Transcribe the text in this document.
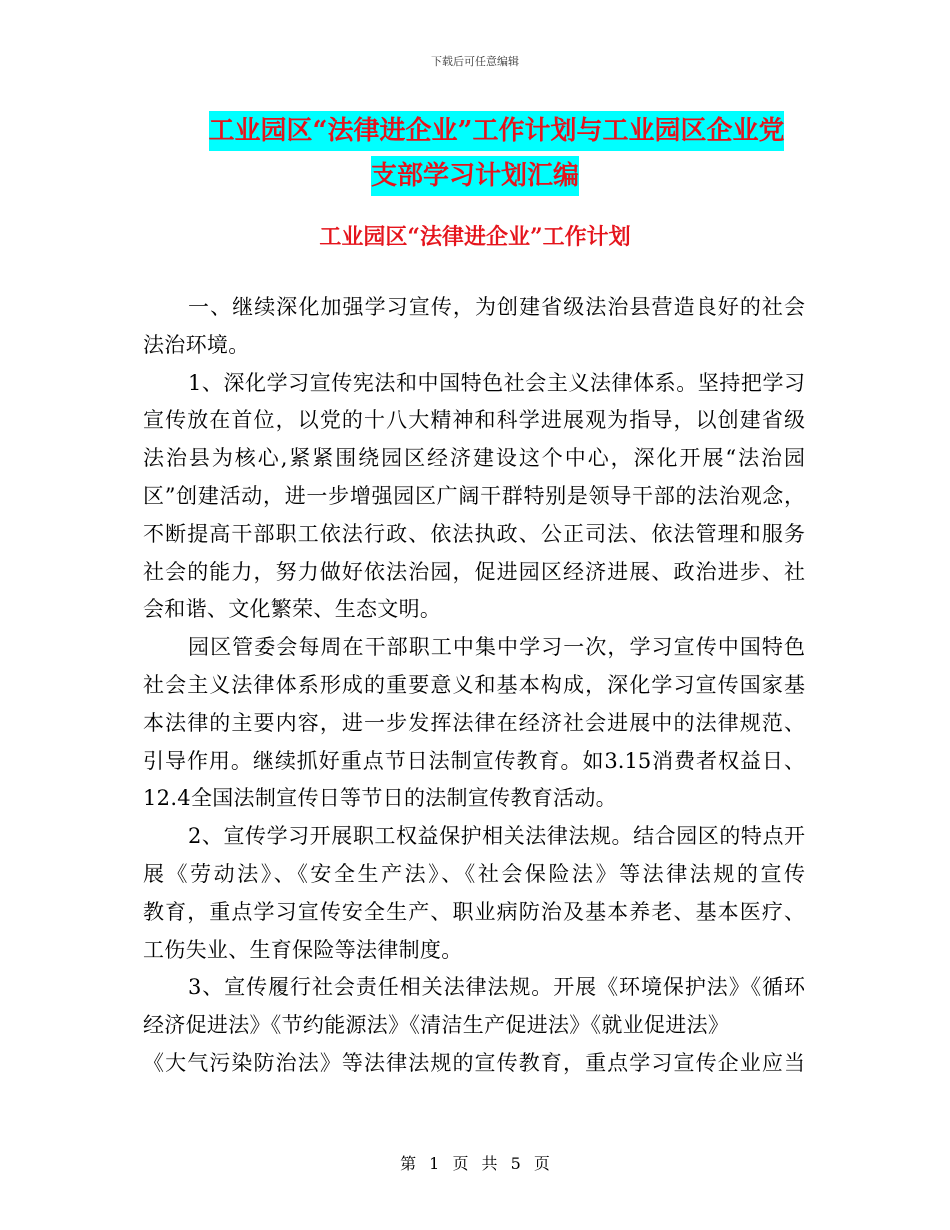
下载后可任意编辑
工业园区“法律进企业”工作计划与工业园区企业党
支部学习计划汇编
工业园区“法律进企业”工作计划
一、继续深化加强学习宣传，为创建省级法治县营造良好的社会
法治环境。
1、深化学习宣传宪法和中国特色社会主义法律体系。坚持把学习
宣传放在首位，以党的十八大精神和科学进展观为指导，以创建省级
法治县为核心,紧紧围绕园区经济建设这个中心，深化开展“法治园
区”创建活动，进一步增强园区广阔干群特别是领导干部的法治观念，
不断提高干部职工依法行政、依法执政、公正司法、依法管理和服务
社会的能力，努力做好依法治园，促进园区经济进展、政治进步、社
会和谐、文化繁荣、生态文明。
园区管委会每周在干部职工中集中学习一次，学习宣传中国特色
社会主义法律体系形成的重要意义和基本构成，深化学习宣传国家基
本法律的主要内容，进一步发挥法律在经济社会进展中的法律规范、
引导作用。继续抓好重点节日法制宣传教育。如3.15消费者权益日、
12.4全国法制宣传日等节日的法制宣传教育活动。
2、宣传学习开展职工权益保护相关法律法规。结合园区的特点开
展《劳动法》、《安全生产法》、《社会保险法》等法律法规的宣传
教育，重点学习宣传安全生产、职业病防治及基本养老、基本医疗、
工伤失业、生育保险等法律制度。
3、宣传履行社会责任相关法律法规。开展《环境保护法》《循环
经济促进法》《节约能源法》《清洁生产促进法》《就业促进法》
《大气污染防治法》等法律法规的宣传教育，重点学习宣传企业应当
第 1 页 共 5 页
